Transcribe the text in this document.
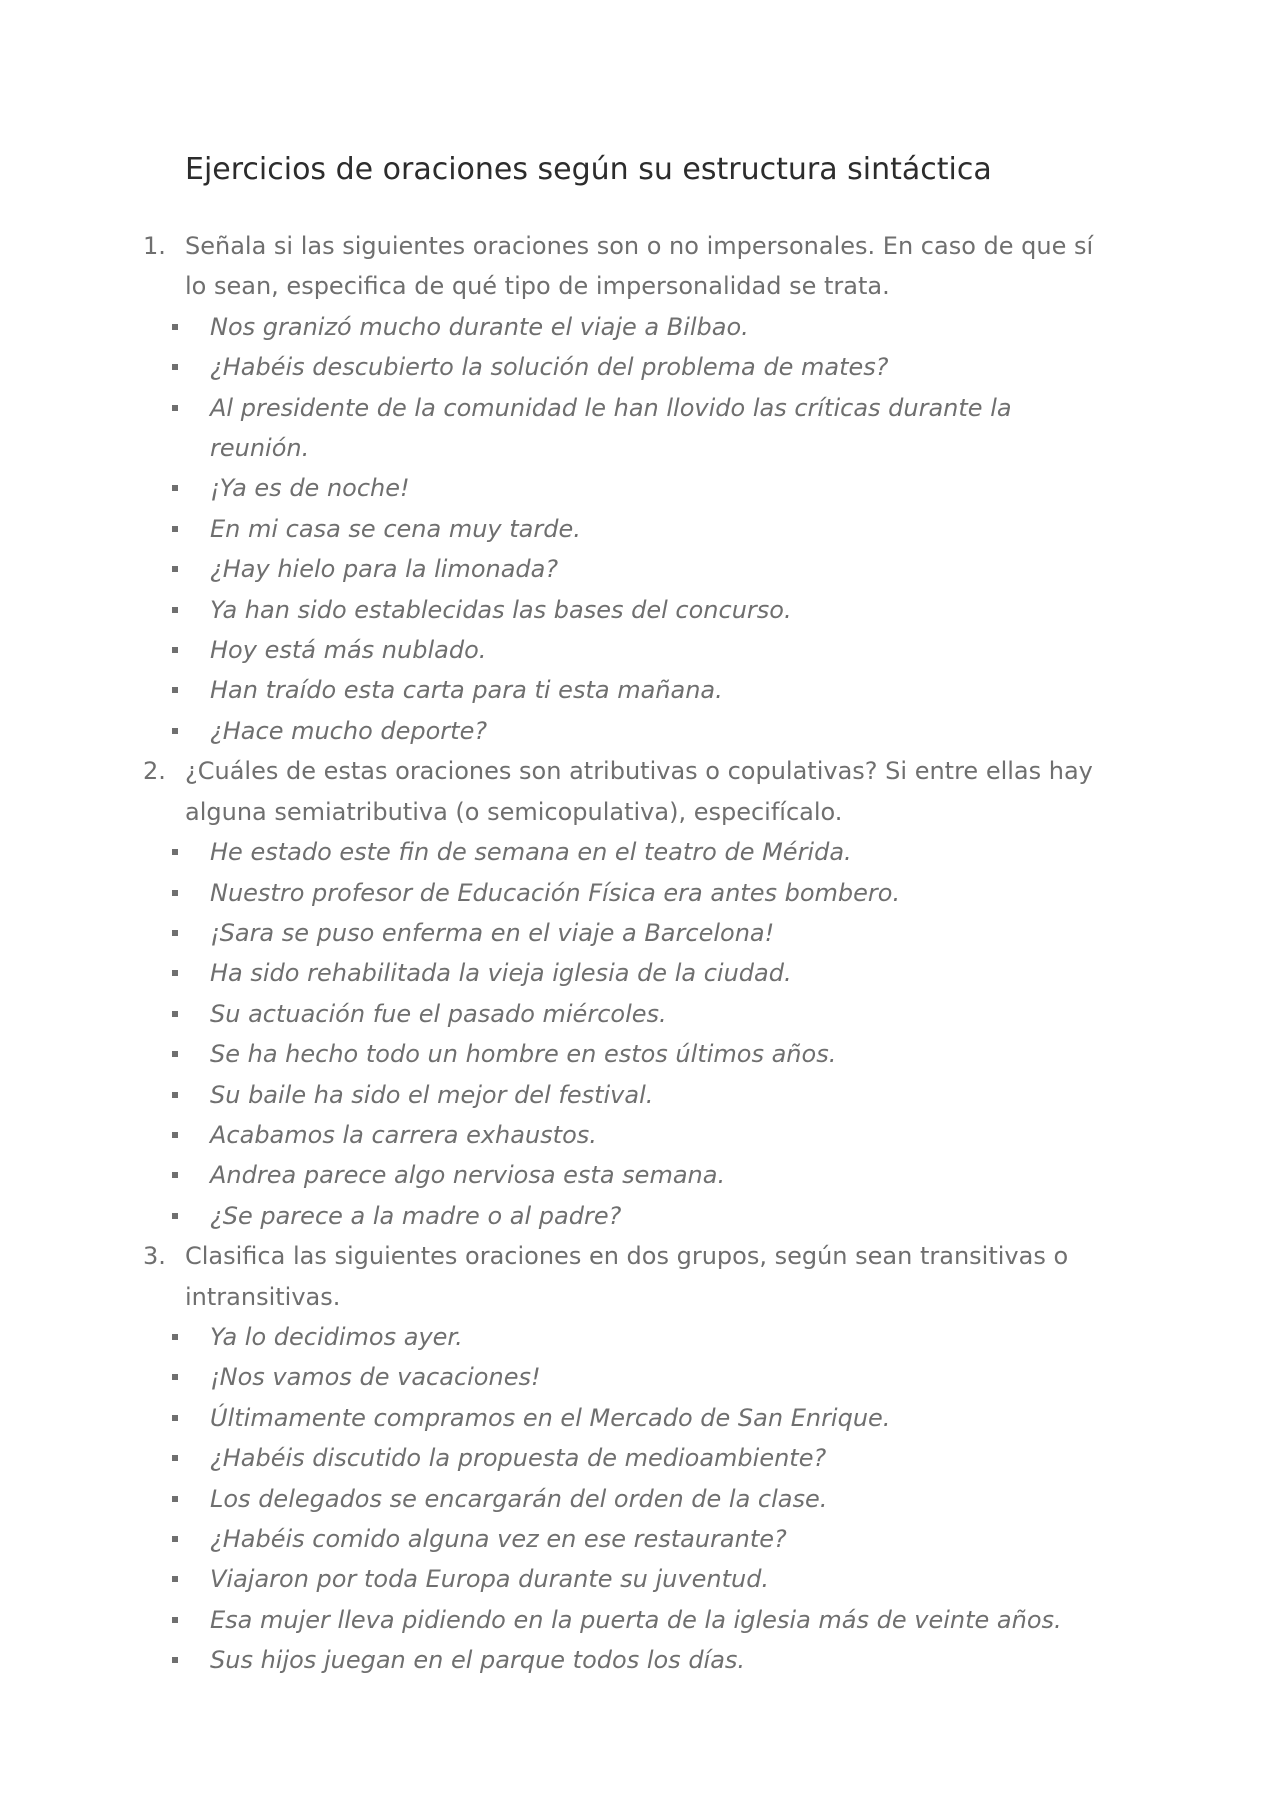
Ejercicios de oraciones según su estructura sintáctica
1. Señala si las siguientes oraciones son o no impersonales. En caso de que sí lo sean, especifica de qué tipo de impersonalidad se trata.

Nos granizó mucho durante el viaje a Bilbao.
¿Habéis descubierto la solución del problema de mates?
Al presidente de la comunidad le han llovido las críticas durante la reunión.
¡Ya es de noche!
En mi casa se cena muy tarde.
¿Hay hielo para la limonada?
Ya han sido establecidas las bases del concurso.
Hoy está más nublado.
Han traído esta carta para ti esta mañana.
¿Hace mucho deporte?
2. ¿Cuáles de estas oraciones son atributivas o copulativas? Si entre ellas hay alguna semiatributiva (o semicopulativa), especifícalo.

He estado este fin de semana en el teatro de Mérida.
Nuestro profesor de Educación Física era antes bombero.
¡Sara se puso enferma en el viaje a Barcelona!
Ha sido rehabilitada la vieja iglesia de la ciudad.
Su actuación fue el pasado miércoles.
Se ha hecho todo un hombre en estos últimos años.
Su baile ha sido el mejor del festival.
Acabamos la carrera exhaustos.
Andrea parece algo nerviosa esta semana.
¿Se parece a la madre o al padre?
3. Clasifica las siguientes oraciones en dos grupos, según sean transitivas o intransitivas.

Ya lo decidimos ayer.
¡Nos vamos de vacaciones!
Últimamente compramos en el Mercado de San Enrique.
¿Habéis discutido la propuesta de medioambiente?
Los delegados se encargarán del orden de la clase.
¿Habéis comido alguna vez en ese restaurante?
Viajaron por toda Europa durante su juventud.
Esa mujer lleva pidiendo en la puerta de la iglesia más de veinte años.
Sus hijos juegan en el parque todos los días.
